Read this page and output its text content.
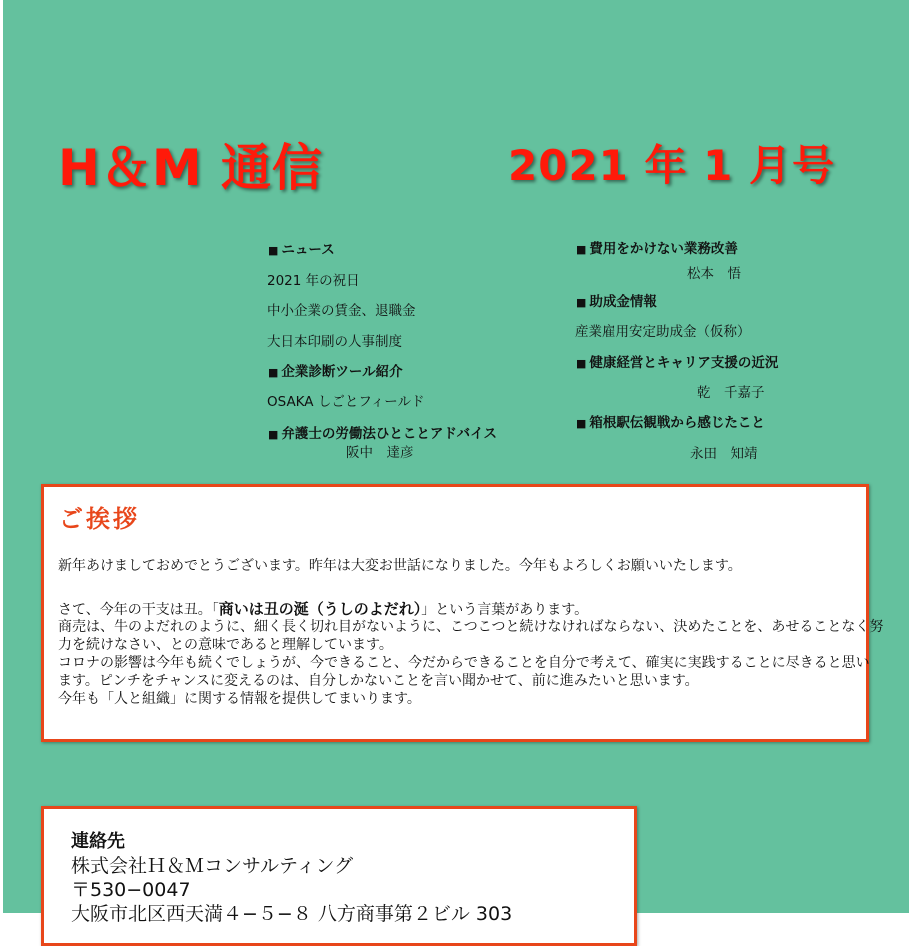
H＆M 通信	2021 年 1 月号
■ ニュース
2021 年の祝日
中小企業の賃金、退職金
大日本印刷の人事制度
■ 企業診断ツール紹介
OSAKA しごとフィールド
■ 弁護士の労働法ひとことアドバイス
阪中　達彦
■ 費用をかけない業務改善
松本　悟
■ 助成金情報
産業雇用安定助成金（仮称）
■ 健康経営とキャリア支援の近況
乾　千嘉子
■ 箱根駅伝観戦から感じたこと
永田　知靖
ご挨拶
新年あけましておめでとうございます。昨年は大変お世話になりました。今年もよろしくお願いいたします。
さて、今年の干支は丑。「商いは丑の涎（うしのよだれ）」という言葉があります。
商売は、牛のよだれのように、細く長く切れ目がないように、こつこつと続けなければならない、決めたことを、あせることなく努
力を続けなさい、との意味であると理解しています。
コロナの影響は今年も続くでしょうが、今できること、今だからできることを自分で考えて、確実に実践することに尽きると思い
ます。ピンチをチャンスに変えるのは、自分しかないことを言い聞かせて、前に進みたいと思います。
今年も「人と組織」に関する情報を提供してまいります。
連絡先
株式会社Ｈ＆Ｍコンサルティング
〒530−0047
大阪市北区西天満４−５−８ 八方商事第２ビル 303
